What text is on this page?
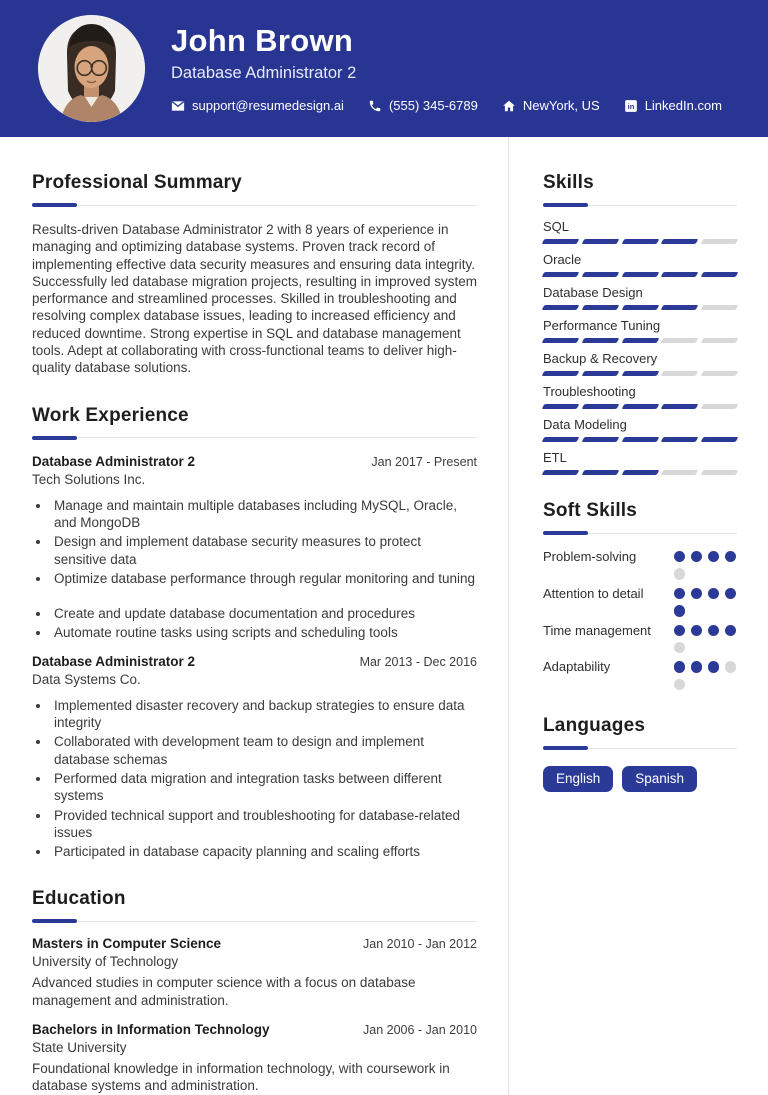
John Brown
Database Administrator 2
support@resumedesign.ai	(555) 345-6789	NewYork, US in LinkedIn.com
Professional Summary

Results-driven Database Administrator 2 with 8 years of experience in managing and optimizing database systems. Proven track record of implementing effective data security measures and ensuring data integrity. Successfully led database migration projects, resulting in improved system performance and streamlined processes. Skilled in troubleshooting and resolving complex database issues, leading to increased efficiency and reduced downtime. Strong expertise in SQL and database management tools. Adept at collaborating with cross-functional teams to deliver high-quality database solutions.

Work Experience
Database Administrator 2	Jan 2017 - Present
Tech Solutions Inc.
• Manage and maintain multiple databases including MySQL, Oracle, and MongoDB
• Design and implement database security measures to protect sensitive data
• Optimize database performance through regular monitoring and tuning
• Create and update database documentation and procedures
• Automate routine tasks using scripts and scheduling tools
Database Administrator 2	Mar 2013 - Dec 2016
Data Systems Co.
• Implemented disaster recovery and backup strategies to ensure data integrity
• Collaborated with development team to design and implement database schemas
• Performed data migration and integration tasks between different systems
• Provided technical support and troubleshooting for database-related issues
• Participated in database capacity planning and scaling efforts
Education
Masters in Computer Science	Jan 2010 - Jan 2012
University of Technology
Advanced studies in computer science with a focus on database management and administration.
Bachelors in Information Technology	Jan 2006 - Jan 2010
State University
Foundational knowledge in information technology, with coursework in database systems and administration.
Skills
SQL
Oracle
Database Design
Performance Tuning
Backup & Recovery
Troubleshooting
Data Modeling
ETL
Soft Skills
Problem-solving
Attention to detail
Time management
Adaptability
Languages
English	Spanish
